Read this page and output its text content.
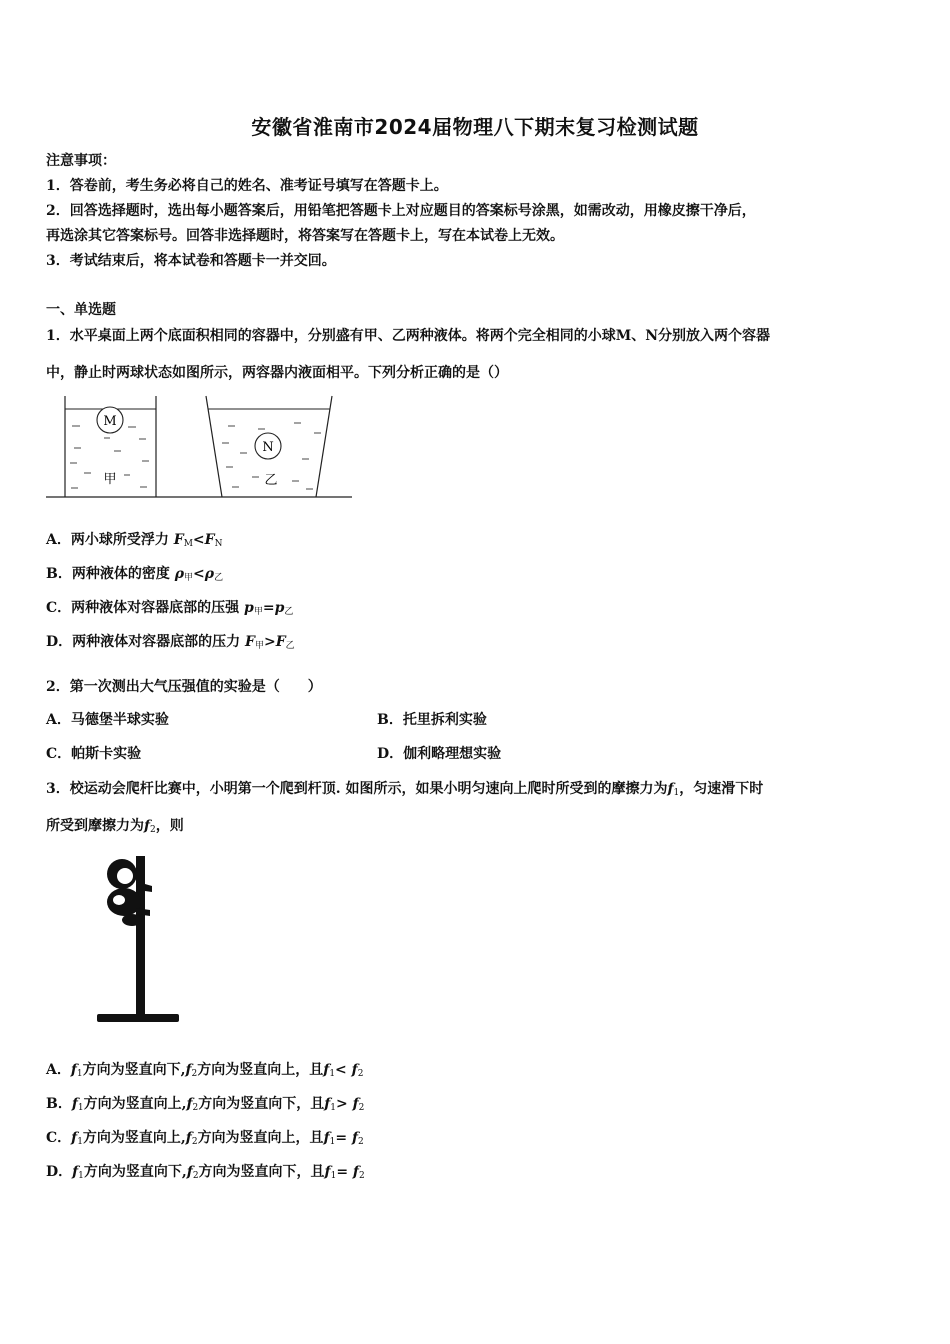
安徽省淮南市2024届物理八下期末复习检测试题
注意事项：
1．答卷前，考生务必将自己的姓名、准考证号填写在答题卡上。
2．回答选择题时，选出每小题答案后，用铅笔把答题卡上对应题目的答案标号涂黑，如需改动，用橡皮擦干净后，
再选涂其它答案标号。回答非选择题时，将答案写在答题卡上，写在本试卷上无效。
3．考试结束后，将本试卷和答题卡一并交回。
一、单选题
1．水平桌面上两个底面积相同的容器中，分别盛有甲、乙两种液体。将两个完全相同的小球M、N分别放入两个容器
中，静止时两球状态如图所示，两容器内液面相平。下列分析正确的是（）
M
甲
N
乙
A．两小球所受浮力 $F_M<F_N$
B．两种液体的密度 $\rho_甲<\rho_乙$
C．两种液体对容器底部的压强 $p_甲=p_乙$
D．两种液体对容器底部的压力 $F_甲>F_乙$
2．第一次测出大气压强值的实验是（　　）
A．马德堡半球实验	B．托里拆利实验
C．帕斯卡实验	D．伽利略理想实验
3．校运动会爬杆比赛中，小明第一个爬到杆顶. 如图所示，如果小明匀速向上爬时所受到的摩擦力为$f_1$，匀速滑下时
所受到摩擦力为$f_2$，则
A．$f_1$方向为竖直向下$,f_2$方向为竖直向上，且$f_1< f_2$
B．$f_1$方向为竖直向上$,f_2$方向为竖直向下，且$f_1> f_2$
C．$f_1$方向为竖直向上$,f_2$方向为竖直向上，且$f_1= f_2$
D．$f_1$方向为竖直向下$,f_2$方向为竖直向下，且$f_1= f_2$
